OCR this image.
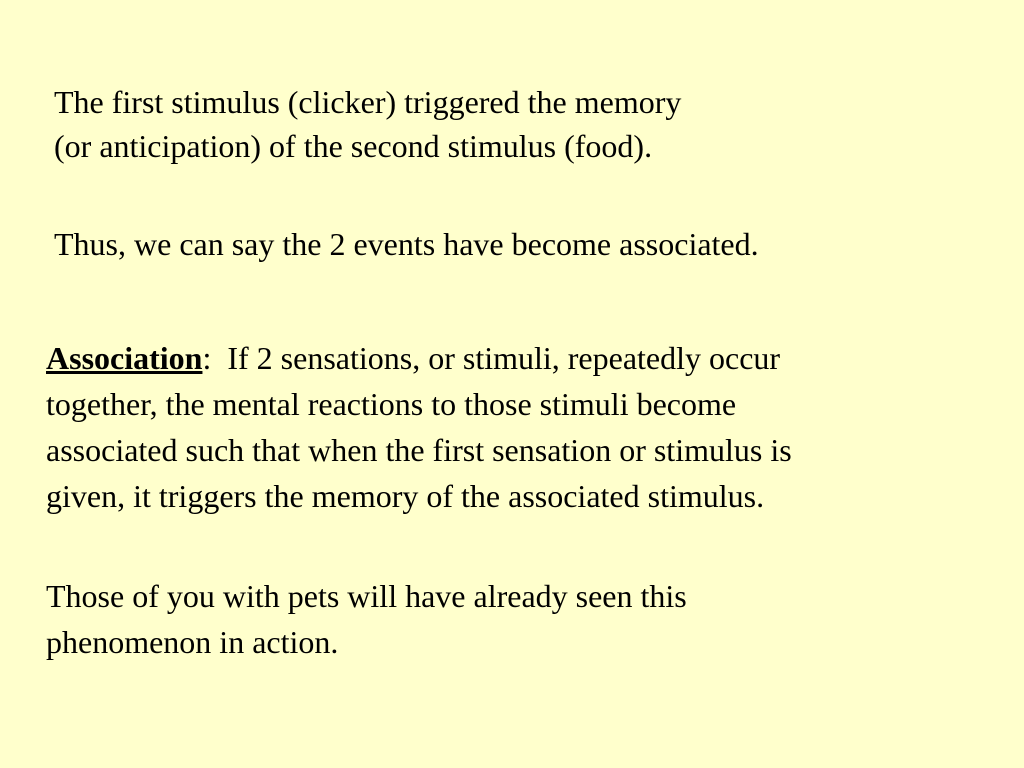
The first stimulus (clicker) triggered the memory
(or anticipation) of the second stimulus (food).
Thus, we can say the 2 events have become associated.
Association: If 2 sensations, or stimuli, repeatedly occur
together, the mental reactions to those stimuli become
associated such that when the first sensation or stimulus is
given, it triggers the memory of the associated stimulus.
Those of you with pets will have already seen this
phenomenon in action.
